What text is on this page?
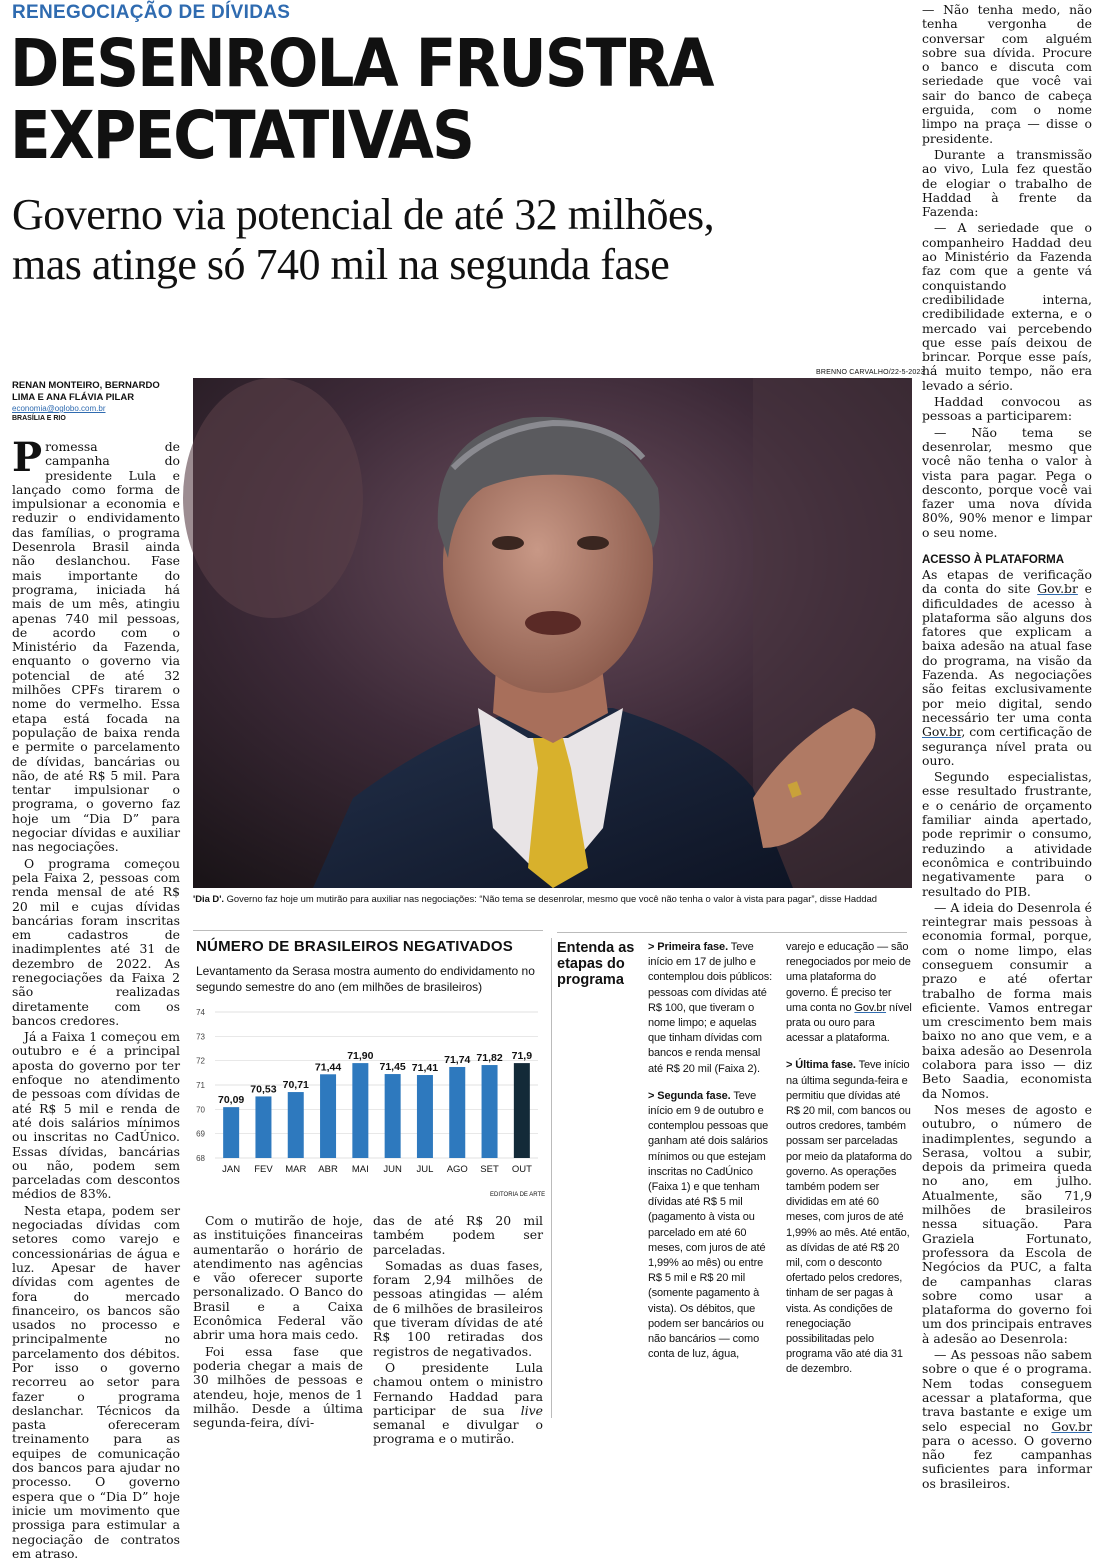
RENEGOCIAÇÃO DE DÍVIDAS
DESENROLA FRUSTRA
EXPECTATIVAS
Governo via potencial de até 32 milhões,
mas atinge só 740 mil na segunda fase
RENAN MONTEIRO, BERNARDO
LIMA E ANA FLÁVIA PILAR
economia@oglobo.com.br
BRASÍLIA E RIO

Promessa de campanha do presidente Lula e lançado como forma de impulsionar a economia e reduzir o endividamento das famílias, o programa Desenrola Brasil ainda não deslanchou. Fase mais importante do programa, iniciada há mais de um mês, atingiu apenas 740 mil pessoas, de acordo com o Ministério da Fazenda, enquanto o governo via potencial de até 32 milhões CPFs tirarem o nome do vermelho. Essa etapa está focada na população de baixa renda e permite o parcelamento de dívidas, bancárias ou não, de até R$ 5 mil. Para tentar impulsionar o programa, o governo faz hoje um “Dia D” para negociar dívidas e auxiliar nas negociações.

O programa começou pela Faixa 2, pessoas com renda mensal de até R$ 20 mil e cujas dívidas bancárias foram inscritas em cadastros de inadimplentes até 31 de dezembro de 2022. As renegociações da Faixa 2 são realizadas diretamente com os bancos credores.

Já a Faixa 1 começou em outubro e é a principal aposta do governo por ter enfoque no atendimento de pessoas com dívidas de até R$ 5 mil e renda de até dois salários mínimos ou inscritas no CadÚnico. Essas dívidas, bancárias ou não, podem sem parceladas com descontos médios de 83%.

Nesta etapa, podem ser negociadas dívidas com setores como varejo e concessionárias de água e luz. Apesar de haver dívidas com agentes de fora do mercado financeiro, os bancos são usados no processo e principalmente no parcelamento dos débitos. Por isso o governo recorreu ao setor para fazer o programa deslanchar. Técnicos da pasta ofereceram treinamento para as equipes de comunicação dos bancos para ajudar no processo. O governo espera que o “Dia D” hoje inicie um movimento que prossiga para estimular a negociação de contratos em atraso.

BRENNO CARVALHO/22-5-2023
'Dia D'. Governo faz hoje um mutirão para auxiliar nas negociações: “Não tema se desenrolar, mesmo que você não tenha o valor à vista para pagar”, disse Haddad
NÚMERO DE BRASILEIROS NEGATIVADOS
Levantamento da Serasa mostra aumento do endividamento no segundo semestre do ano (em milhões de brasileiros)
68
69
70
71
72
73
74
70,09
JAN
70,53
FEV
70,71
MAR
71,44
ABR
71,90
MAI
71,45
JUN
71,41
JUL
71,74
AGO
71,82
SET
71,9
OUT
EDITORIA DE ARTE

Com o mutirão de hoje, as instituições financeiras aumentarão o horário de atendimento nas agências e vão oferecer suporte personalizado. O Banco do Brasil e a Caixa Econômica Federal vão abrir uma hora mais cedo.

Foi essa fase que poderia chegar a mais de 30 milhões de pessoas e atendeu, hoje, menos de 1 milhão. Desde a última segunda-feira, dívi-

das de até R$ 20 mil também podem ser parceladas.

Somadas as duas fases, foram 2,94 milhões de pessoas atingidas — além de 6 milhões de brasileiros que tiveram dívidas de até R$ 100 retiradas dos registros de negativados.

O presidente Lula chamou ontem o ministro Fernando Haddad para participar de sua live semanal e divulgar o programa e o mutirão.

Entenda as etapas do programa

> Primeira fase. Teve início em 17 de julho e contemplou dois públicos: pessoas com dívidas até R$ 100, que tiveram o nome limpo; e aquelas que tinham dívidas com bancos e renda mensal até R$ 20 mil (Faixa 2).

> Segunda fase. Teve início em 9 de outubro e contemplou pessoas que ganham até dois salários mínimos ou que estejam inscritas no CadÚnico (Faixa 1) e que tenham dívidas até R$ 5 mil (pagamento à vista ou parcelado em até 60 meses, com juros de até 1,99% ao mês) ou entre R$ 5 mil e R$ 20 mil (somente pagamento à vista). Os débitos, que podem ser bancários ou não bancários — como conta de luz, água,

varejo e educação — são renegociados por meio de uma plataforma do governo. É preciso ter uma conta no Gov.br nível prata ou ouro para acessar a plataforma.

> Última fase. Teve início na última segunda-feira e permitiu que dívidas até R$ 20 mil, com bancos ou outros credores, também possam ser parceladas por meio da plataforma do governo. As operações também podem ser divididas em até 60 meses, com juros de até 1,99% ao mês. Até então, as dívidas de até R$ 20 mil, com o desconto ofertado pelos credores, tinham de ser pagas à vista. As condições de renegociação possibilitadas pelo programa vão até dia 31 de dezembro.

— Não tenha medo, não tenha vergonha de conversar com alguém sobre sua dívida. Procure o banco e discuta com seriedade que você vai sair do banco de cabeça erguida, com o nome limpo na praça — disse o presidente.

Durante a transmissão ao vivo, Lula fez questão de elogiar o trabalho de Haddad à frente da Fazenda:

— A seriedade que o companheiro Haddad deu ao Ministério da Fazenda faz com que a gente vá conquistando credibilidade interna, credibilidade externa, e o mercado vai percebendo que esse país deixou de brincar. Porque esse país, há muito tempo, não era levado a sério.

Haddad convocou as pessoas a participarem:

— Não tema se desenrolar, mesmo que você não tenha o valor à vista para pagar. Pega o desconto, porque você vai fazer uma nova dívida 80%, 90% menor e limpar o seu nome.

ACESSO À PLATAFORMA

As etapas de verificação da conta do site Gov.br e dificuldades de acesso à plataforma são alguns dos fatores que explicam a baixa adesão na atual fase do programa, na visão da Fazenda. As negociações são feitas exclusivamente por meio digital, sendo necessário ter uma conta Gov.br, com certificação de segurança nível prata ou ouro.

Segundo especialistas, esse resultado frustrante, e o cenário de orçamento familiar ainda apertado, pode reprimir o consumo, reduzindo a atividade econômica e contribuindo negativamente para o resultado do PIB.

— A ideia do Desenrola é reintegrar mais pessoas à economia formal, porque, com o nome limpo, elas conseguem consumir a prazo e até ofertar trabalho de forma mais eficiente. Vamos entregar um crescimento bem mais baixo no ano que vem, e a baixa adesão ao Desenrola colabora para isso — diz Beto Saadia, economista da Nomos.

Nos meses de agosto e outubro, o número de inadimplentes, segundo a Serasa, voltou a subir, depois da primeira queda no ano, em julho. Atualmente, são 71,9 milhões de brasileiros nessa situação. Para Graziela Fortunato, professora da Escola de Negócios da PUC, a falta de campanhas claras sobre como usar a plataforma do governo foi um dos principais entraves à adesão ao Desenrola:

— As pessoas não sabem sobre o que é o programa. Nem todas conseguem acessar a plataforma, que trava bastante e exige um selo especial no Gov.br para o acesso. O governo não fez campanhas suficientes para informar os brasileiros.
